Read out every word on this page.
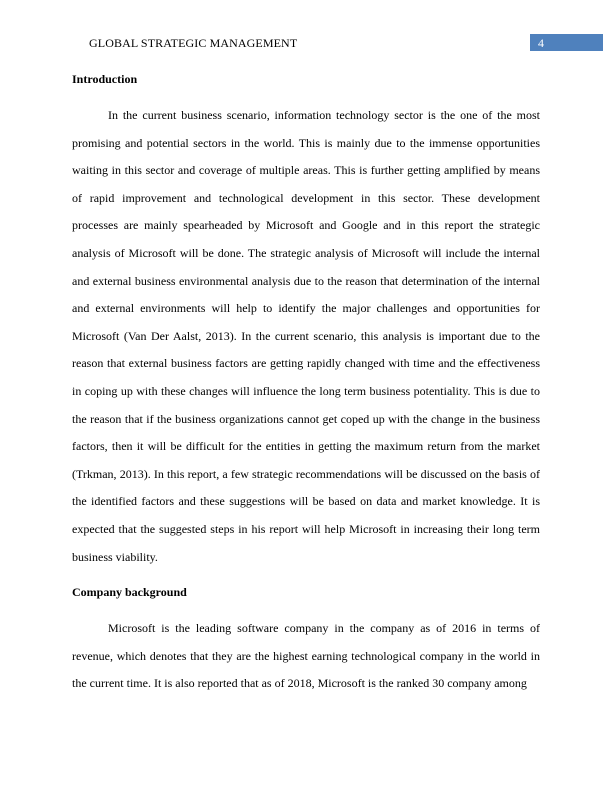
GLOBAL STRATEGIC MANAGEMENT	4
Introduction

In the current business scenario, information technology sector is the one of the most promising and potential sectors in the world. This is mainly due to the immense opportunities waiting in this sector and coverage of multiple areas. This is further getting amplified by means of rapid improvement and technological development in this sector. These development processes are mainly spearheaded by Microsoft and Google and in this report the strategic analysis of Microsoft will be done. The strategic analysis of Microsoft will include the internal and external business environmental analysis due to the reason that determination of the internal and external environments will help to identify the major challenges and opportunities for Microsoft (Van Der Aalst, 2013). In the current scenario, this analysis is important due to the reason that external business factors are getting rapidly changed with time and the effectiveness in coping up with these changes will influence the long term business potentiality. This is due to the reason that if the business organizations cannot get coped up with the change in the business factors, then it will be difficult for the entities in getting the maximum return from the market (Trkman, 2013). In this report, a few strategic recommendations will be discussed on the basis of the identified factors and these suggestions will be based on data and market knowledge. It is expected that the suggested steps in his report will help Microsoft in increasing their long term business viability.

Company background

Microsoft is the leading software company in the company as of 2016 in terms of revenue, which denotes that they are the highest earning technological company in the world in the current time. It is also reported that as of 2018, Microsoft is the ranked 30 company among
